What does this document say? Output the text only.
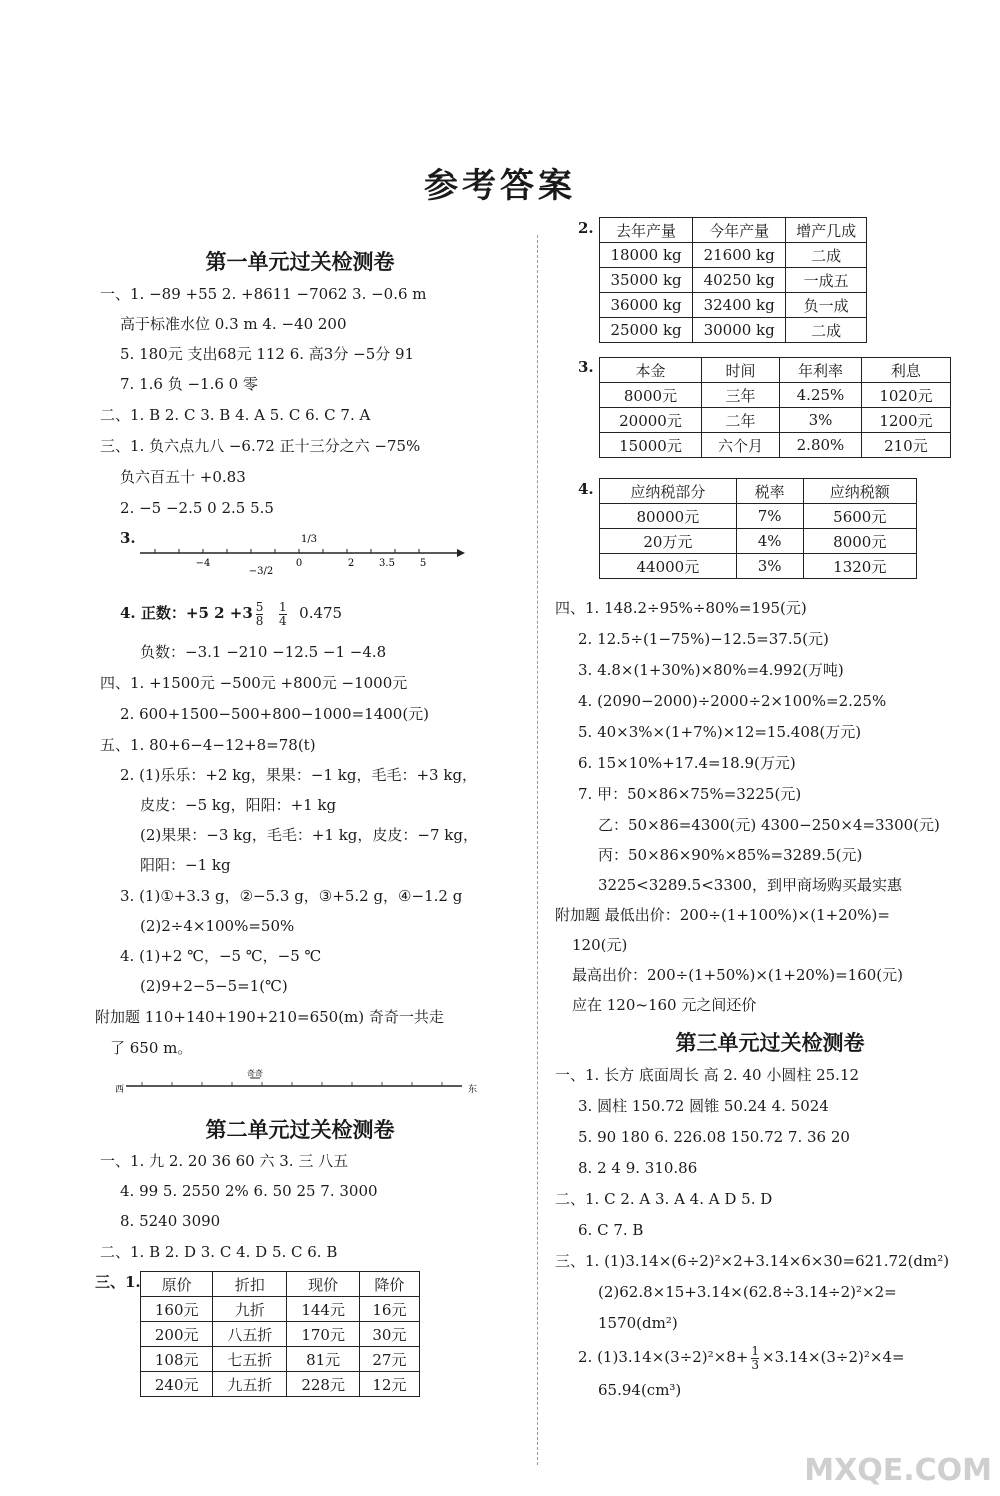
参考答案
第一单元过关检测卷
一、1. −89 +55 2. +8611 −7062 3. −0.6 m
高于标准水位 0.3 m 4. −40 200
5. 180元 支出68元 112 6. 高3分 −5分 91
7. 1.6 负 −1.6 0 零
二、1. B 2. C 3. B 4. A 5. C 6. C 7. A
三、1. 负六点九八 −6.72 正十三分之六 −75%
负六百五十 +0.83
2. −5 −2.5 0 2.5 5.5
3.
−4	0	2 3.5 5
1/3
−3/2
4. 正数：+5 $2 +3 \frac{5}{8}$
$\frac{1}{4} 0.475$
负数：−3.1 −210 −12.5 −1 −4.8
四、1. +1500元 −500元 +800元 −1000元
2. 600+1500−500+800−1000=1400(元)
五、1. 80+6−4−12+8=78(t)
2. (1)乐乐：+2 kg，果果：−1 kg，毛毛：+3 kg，
皮皮：−5 kg，阳阳：+1 kg
(2)果果：−3 kg，毛毛：+1 kg，皮皮：−7 kg，
阳阳：−1 kg
3. (1)①+3.3 g，②−5.3 g，③+5.2 g，④−1.2 g
(2)2÷4×100%=50%
4. (1)+2 ℃，−5 ℃，−5 ℃
(2)9+2−5−5=1(℃)
附加题 110+140+190+210=650(m) 奇奇一共走
了 650 m。
西	东
奇奇
第二单元过关检测卷
一、1. 九 2. 20 36 60 六 3. 三 八五
4. 99 5. 2550 2% 6. 50 25 7. 3000
8. 5240 3090
二、1. B 2. D 3. C 4. D 5. C 6. B
三、1. 原价	折扣	现价	降价
160元	九折	144元	16元
200元	八五折	170元	30元
108元	七五折	81元	27元
240元	九五折	228元	12元
2. 去年产量	今年产量	增产几成
18000 kg	21600 kg	二成
35000 kg	40250 kg	一成五
36000 kg	32400 kg	负一成
25000 kg	30000 kg	二成
3.	本金	时间	年利率	利息
8000元	三年	4.25%	1020元
20000元	二年	3%	1200元
15000元	六个月	2.80%	210元
4. 应纳税部分	税率	应纳税额
80000元	7%	5600元
20万元	4%	8000元
44000元	3%	1320元
四、1. 148.2÷95%÷80%=195(元)
2. 12.5÷(1−75%)−12.5=37.5(元)
3. 4.8×(1+30%)×80%=4.992(万吨)
4. (2090−2000)÷2000÷2×100%=2.25%
5. 40×3%×(1+7%)×12=15.408(万元)
6. 15×10%+17.4=18.9(万元)
7. 甲：50×86×75%=3225(元)
乙：50×86=4300(元) 4300−250×4=3300(元)
丙：50×86×90%×85%=3289.5(元)
3225<3289.5<3300，到甲商场购买最实惠
附加题 最低出价：200÷(1+100%)×(1+20%)=
120(元)
最高出价：200÷(1+50%)×(1+20%)=160(元)
应在 120~160 元之间还价
第三单元过关检测卷
一、1. 长方 底面周长 高 2. 40 小圆柱 25.12
3. 圆柱 150.72 圆锥 50.24 4. 5024
5. 90 180 6. 226.08 150.72 7. 36 20
8. 2 4 9. 310.86
二、1. C 2. A 3. A 4. A D 5. D
6. C 7. B
三、1. (1)3.14×(6÷2)²×2+3.14×6×30=621.72(dm²)
(2)62.8×15+3.14×(62.8÷3.14÷2)²×2=
1570(dm²)
2. $(1)3.14\times(3\div 2)^2\times 8+ \frac{1}{3} \times 3.14\times(3\div 2)^2\times 4=$
65.94(cm³)
MXQE.COM
